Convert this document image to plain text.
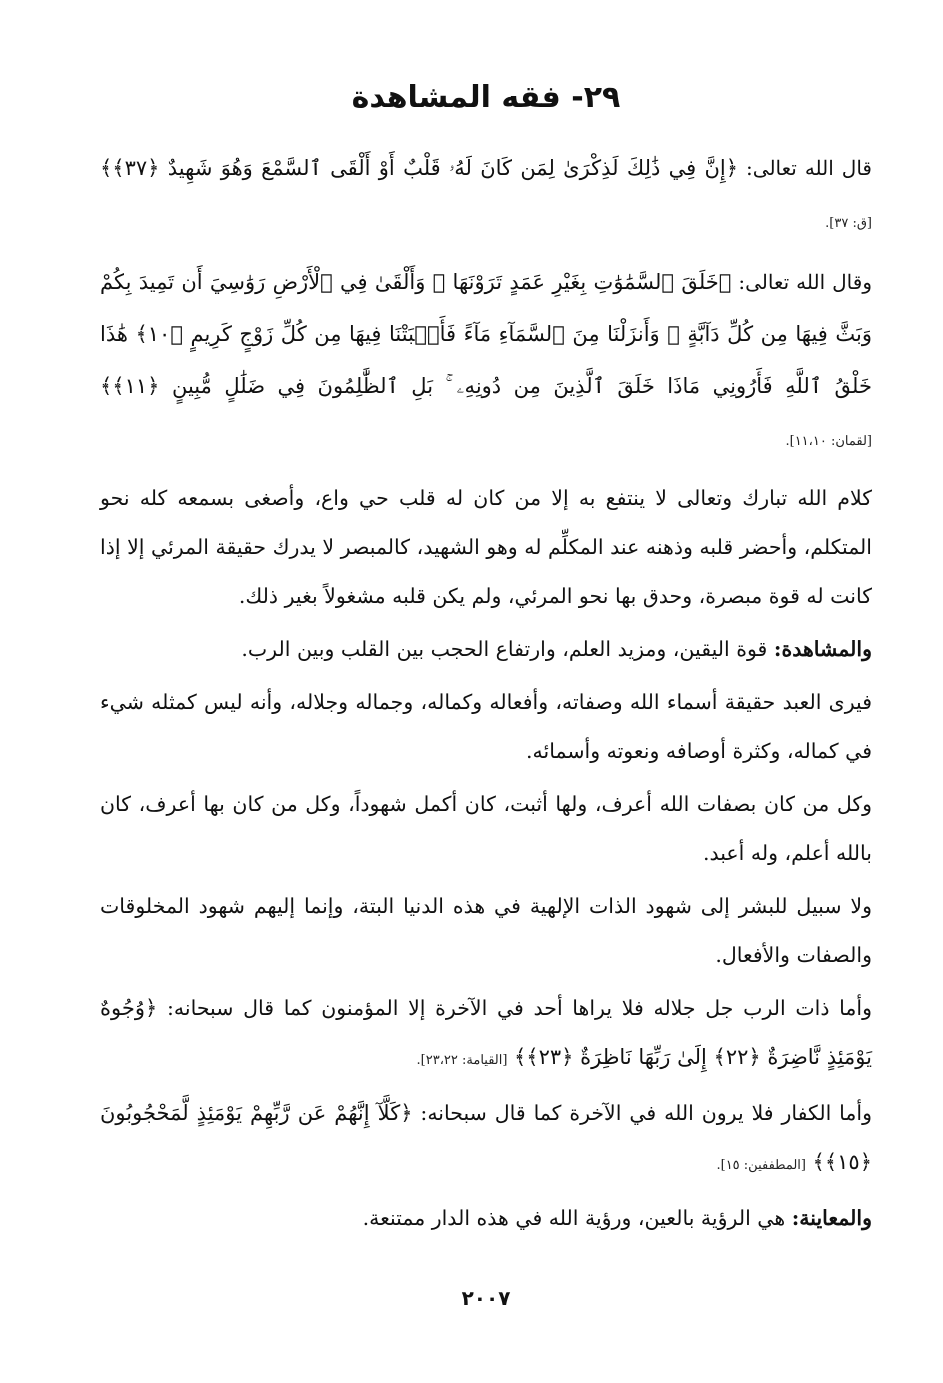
٢٩- فقه المشاهدة

قال الله تعالى: ﴿إِنَّ فِي ذَٰلِكَ لَذِكْرَىٰ لِمَن كَانَ لَهُۥ قَلْبٌ أَوْ أَلْقَى ٱلسَّمْعَ وَهُوَ شَهِيدٌ ﴿٣٧﴾﴾ [ق: ٣٧].

وقال الله تعالى: ﴿خَلَقَ ٱلسَّمَٰوَٰتِ بِغَيْرِ عَمَدٍ تَرَوْنَهَا ۖ وَأَلْقَىٰ فِي ٱلْأَرْضِ رَوَٰسِيَ أَن تَمِيدَ بِكُمْ وَبَثَّ فِيهَا مِن كُلِّ دَآبَّةٍ ۚ وَأَنزَلْنَا مِنَ ٱلسَّمَآءِ مَآءً فَأَنۢبَتْنَا فِيهَا مِن كُلِّ زَوْجٍ كَرِيمٍ ﴿١٠﴾ هَٰذَا خَلْقُ ٱللَّهِ فَأَرُونِي مَاذَا خَلَقَ ٱلَّذِينَ مِن دُونِهِۦ ۚ بَلِ ٱلظَّٰلِمُونَ فِي ضَلَٰلٍ مُّبِينٍ ﴿١١﴾﴾ [لقمان: ١١،١٠].

كلام الله تبارك وتعالى لا ينتفع به إلا من كان له قلب حي واع، وأصغى بسمعه كله نحو المتكلم، وأحضر قلبه وذهنه عند المكلِّم له وهو الشهيد، كالمبصر لا يدرك حقيقة المرئي إلا إذا كانت له قوة مبصرة، وحدق بها نحو المرئي، ولم يكن قلبه مشغولاً بغير ذلك.

والمشاهدة: قوة اليقين، ومزيد العلم، وارتفاع الحجب بين القلب وبين الرب.

فيرى العبد حقيقة أسماء الله وصفاته، وأفعاله وكماله، وجماله وجلاله، وأنه ليس كمثله شيء في كماله، وكثرة أوصافه ونعوته وأسمائه.

وكل من كان بصفات الله أعرف، ولها أثبت، كان أكمل شهوداً، وكل من كان بها أعرف، كان بالله أعلم، وله أعبد.

ولا سبيل للبشر إلى شهود الذات الإلهية في هذه الدنيا البتة، وإنما إليهم شهود المخلوقات والصفات والأفعال.

وأما ذات الرب جل جلاله فلا يراها أحد في الآخرة إلا المؤمنون كما قال سبحانه: ﴿وُجُوهٌ يَوْمَئِذٍ نَّاضِرَةٌ ﴿٢٢﴾ إِلَىٰ رَبِّهَا نَاظِرَةٌ ﴿٢٣﴾﴾ [القيامة: ٢٣،٢٢].

وأما الكفار فلا يرون الله في الآخرة كما قال سبحانه: ﴿كَلَّآ إِنَّهُمْ عَن رَّبِّهِمْ يَوْمَئِذٍ لَّمَحْجُوبُونَ ﴿١٥﴾﴾ [المطففين: ١٥].

والمعاينة: هي الرؤية بالعين، ورؤية الله في هذه الدار ممتنعة.

٢٠٠٧
